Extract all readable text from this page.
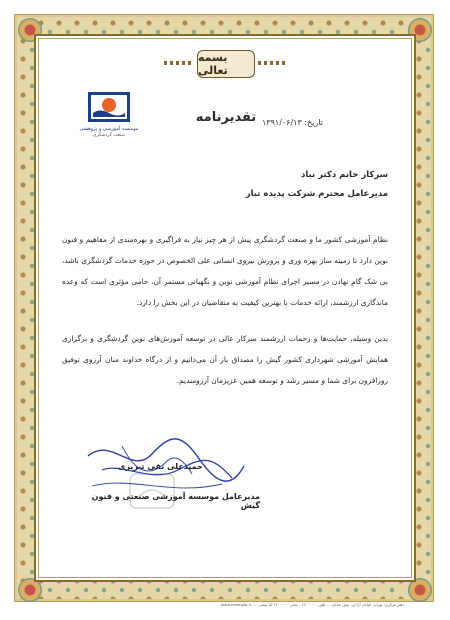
بسمه تعالی
موسسه آموزشی و پژوهشی
صنعت گردشگری
تقدیرنامه تاریخ: ۱۳۹۱/۰۶/۱۳
سرکار خانم دکتر نباد
مدیرعامل محترم شرکت پدیده تبار
نظام آموزشی کشور ما و صنعت گردشگری پیش از هر چیز نیاز به فراگیری و بهره‌مندی از مفاهیم و فنون نوین دارد تا زمینه ساز بهره وری و پرورش نیروی انسانی علی الخصوص در حوزه خدمات گردشگری باشد، بی شک گام نهادن در مسیر اجرای نظام آموزشی نوین و نگهبانی مستمر آن، حامی مؤثری است که وعده ماندگاری ارزشمند، ارائه خدمات با بهترین کیفیت به متقاضیان در این بخش را دارد.
بدین وسیله، حمایت‌ها و زحمات ارزشمند سرکار عالی در توسعه آموزش‌های نوین گردشگری و برگزاری همایش آموزشی شهرداری کشور گیش را مصداق باز آن می‌دانیم و از درگاه خداوند منان آرزوی توفیق روزافزون برای شما و مسیر رشد و توسعه همین عزیزمان آرزومندیم.
حمیدعلی تقی تبریزی
مدیرعامل موسسه آموزشی صنعتی و فنون گیش
دفتر مرکزی: تهران، خیابان آزادی، نبش خیابان ... تلفن: ۶۶۰۰۰۰۰ - نمابر: ۶۶۰۰۰۰۰ کد پستی: ... www.example.ir
